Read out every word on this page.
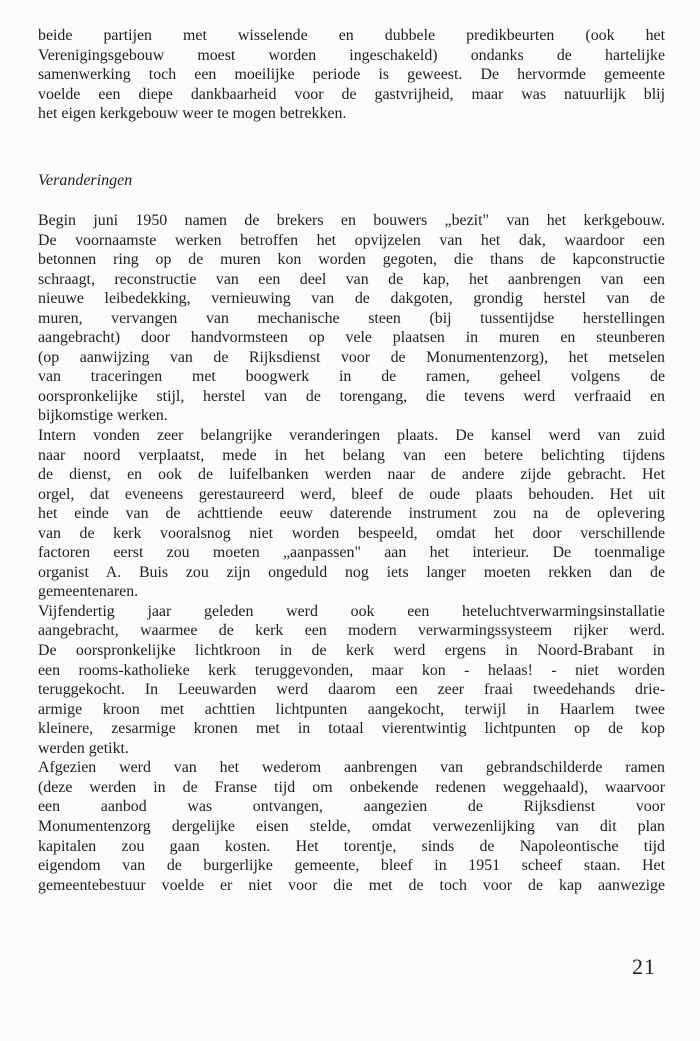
beide partijen met wisselende en dubbele predikbeurten (ook het
Verenigingsgebouw moest worden ingeschakeld) ondanks de hartelijke
samenwerking toch een moeilijke periode is geweest. De hervormde gemeente
voelde een diepe dankbaarheid voor de gastvrijheid, maar was natuurlijk blij
het eigen kerkgebouw weer te mogen betrekken.
Veranderingen
Begin juni 1950 namen de brekers en bouwers „bezit" van het kerkgebouw.
De voornaamste werken betroffen het opvijzelen van het dak, waardoor een
betonnen ring op de muren kon worden gegoten, die thans de kapconstructie
schraagt, reconstructie van een deel van de kap, het aanbrengen van een
nieuwe leibedekking, vernieuwing van de dakgoten, grondig herstel van de
muren, vervangen van mechanische steen (bij tussentijdse herstellingen
aangebracht) door handvormsteen op vele plaatsen in muren en steunberen
(op aanwijzing van de Rijksdienst voor de Monumentenzorg), het metselen
van traceringen met boogwerk in de ramen, geheel volgens de
oorspronkelijke stijl, herstel van de torengang, die tevens werd verfraaid en
bijkomstige werken.
Intern vonden zeer belangrijke veranderingen plaats. De kansel werd van zuid
naar noord verplaatst, mede in het belang van een betere belichting tijdens
de dienst, en ook de luifelbanken werden naar de andere zijde gebracht. Het
orgel, dat eveneens gerestaureerd werd, bleef de oude plaats behouden. Het uit
het einde van de achttiende eeuw daterende instrument zou na de oplevering
van de kerk vooralsnog niet worden bespeeld, omdat het door verschillende
factoren eerst zou moeten „aanpassen" aan het interieur. De toenmalige
organist A. Buis zou zijn ongeduld nog iets langer moeten rekken dan de
gemeentenaren.
Vijfendertig jaar geleden werd ook een heteluchtverwarmingsinstallatie
aangebracht, waarmee de kerk een modern verwarmingssysteem rijker werd.
De oorspronkelijke lichtkroon in de kerk werd ergens in Noord-Brabant in
een rooms-katholieke kerk teruggevonden, maar kon - helaas! - niet worden
teruggekocht. In Leeuwarden werd daarom een zeer fraai tweedehands drie-
armige kroon met achttien lichtpunten aangekocht, terwijl in Haarlem twee
kleinere, zesarmige kronen met in totaal vierentwintig lichtpunten op de kop
werden getikt.
Afgezien werd van het wederom aanbrengen van gebrandschilderde ramen
(deze werden in de Franse tijd om onbekende redenen weggehaald), waarvoor
een aanbod was ontvangen, aangezien de Rijksdienst voor
Monumentenzorg dergelijke eisen stelde, omdat verwezenlijking van dit plan
kapitalen zou gaan kosten. Het torentje, sinds de Napoleontische tijd
eigendom van de burgerlijke gemeente, bleef in 1951 scheef staan. Het
gemeentebestuur voelde er niet voor die met de toch voor de kap aanwezige
21
